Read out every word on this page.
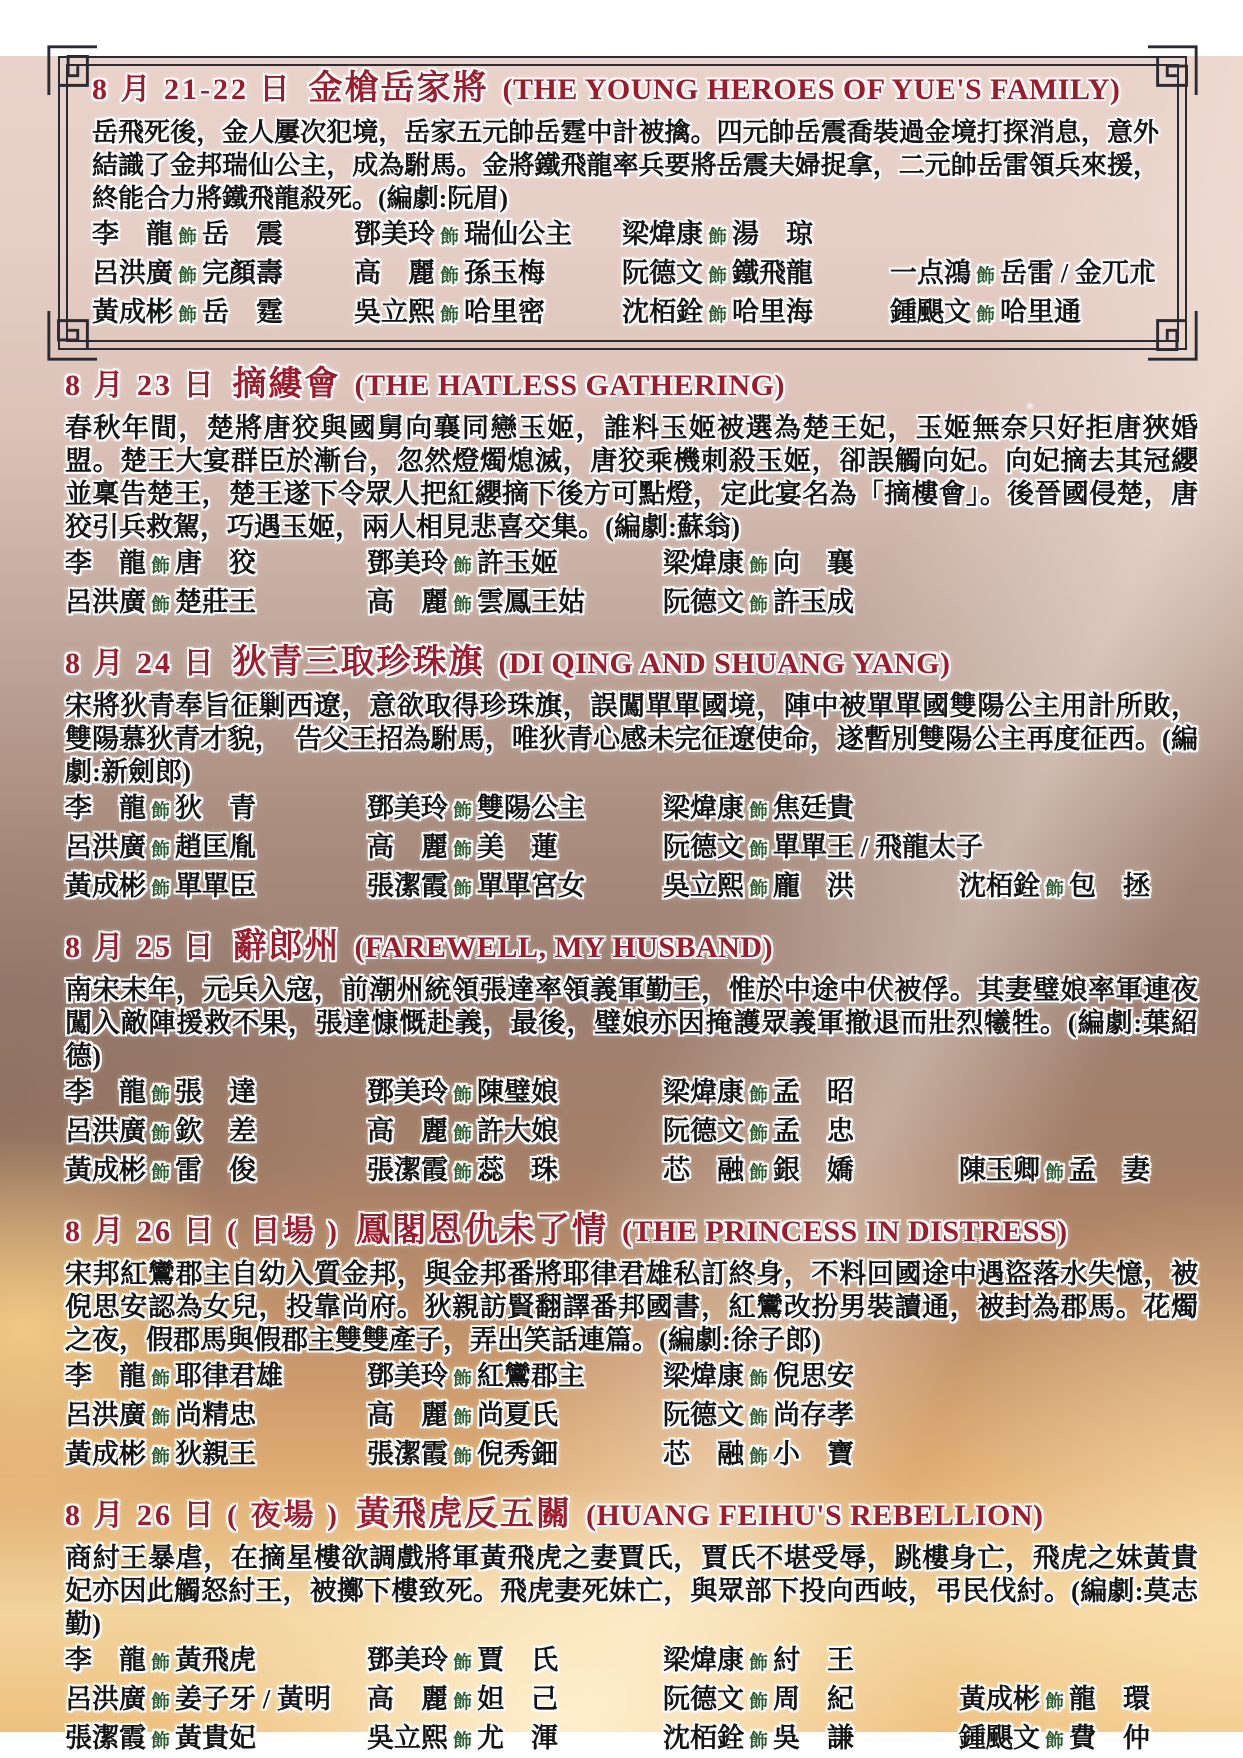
8 月 21-22 日 金槍岳家將 (THE YOUNG HEROES OF YUE'S FAMILY)

岳飛死後，金人屢次犯境，岳家五元帥岳霆中計被擒。四元帥岳震喬裝過金境打探消息，意外結識了金邦瑞仙公主，成為駙馬。金將鐵飛龍率兵要將岳震夫婦捉拿，二元帥岳雷領兵來援，終能合力將鐵飛龍殺死。(編劇:阮眉)

李　龍 飾 岳　震	鄧美玲 飾 瑞仙公主	梁煒康 飾 湯　琼
呂洪廣 飾 完顏壽	高　麗 飾 孫玉梅	阮德文 飾 鐵飛龍	一点鴻 飾 岳雷 / 金兀朮
黃成彬 飾 岳　霆	吳立熙 飾 哈里密	沈栢銓 飾 哈里海	鍾颶文 飾 哈里通
8 月 23 日 摘縷會 (THE HATLESS GATHERING)

春秋年間，楚將唐狡與國舅向襄同戀玉姬，誰料玉姬被選為楚王妃，玉姬無奈只好拒唐狹婚盟。楚王大宴群臣於漸台，忽然燈燭熄滅，唐狡乘機刺殺玉姬，卻誤觸向妃。向妃摘去其冠纓並稟告楚王，楚王遂下令眾人把紅纓摘下後方可點燈，定此宴名為「摘樓會」。後晉國侵楚，唐狡引兵救駕，巧遇玉姬，兩人相見悲喜交集。(編劇:蘇翁)

李　龍 飾 唐　狡	鄧美玲 飾 許玉姬	梁煒康 飾 向　襄
呂洪廣 飾 楚莊王	高　麗 飾 雲鳳王姑	阮德文 飾 許玉成
8 月 24 日 狄青三取珍珠旗 (DI QING AND SHUANG YANG)

宋將狄青奉旨征剿西遼，意欲取得珍珠旗，誤闖單單國境，陣中被單單國雙陽公主用計所敗，雙陽慕狄青才貌，　告父王招為駙馬，唯狄青心感未完征遼使命，遂暫別雙陽公主再度征西。(編劇:新劍郎)

李　龍 飾 狄　青	鄧美玲 飾 雙陽公主	梁煒康 飾 焦廷貴
呂洪廣 飾 趙匡胤	高　麗 飾 美　蓮	阮德文 飾 單單王 / 飛龍太子
黃成彬 飾 單單臣	張潔霞 飾 單單宮女	吳立熙 飾 龐　洪	沈栢銓 飾 包　拯
8 月 25 日 辭郎州 (FAREWELL, MY HUSBAND)

南宋末年，元兵入寇，前潮州統領張達率領義軍勤王，惟於中途中伏被俘。其妻璧娘率軍連夜闖入敵陣援救不果，張達慷慨赴義，最後，璧娘亦因掩護眾義軍撤退而壯烈犧牲。(編劇:葉紹德)

李　龍 飾 張　達	鄧美玲 飾 陳璧娘	梁煒康 飾 孟　昭
呂洪廣 飾 欽　差	高　麗 飾 許大娘	阮德文 飾 孟　忠
黃成彬 飾 雷　俊	張潔霞 飾 蕊　珠	芯　融 飾 銀　嬌	陳玉卿 飾 孟　妻
8 月 26 日 ( 日場 ) 鳳閣恩仇未了情 (THE PRINCESS IN DISTRESS)

宋邦紅鸞郡主自幼入質金邦，與金邦番將耶律君雄私訂終身，不料回國途中遇盜落水失憶，被倪思安認為女兒，投靠尚府。狄親訪賢翻譯番邦國書，紅鸞改扮男裝讀通，被封為郡馬。花燭之夜，假郡馬與假郡主雙雙產子，弄出笑話連篇。(編劇:徐子郎)

李　龍 飾 耶律君雄	鄧美玲 飾 紅鸞郡主	梁煒康 飾 倪思安
呂洪廣 飾 尚精忠	高　麗 飾 尚夏氏	阮德文 飾 尚存孝
黃成彬 飾 狄親王	張潔霞 飾 倪秀鈿	芯　融 飾 小　寶
8 月 26 日 ( 夜場 ) 黃飛虎反五關 (HUANG FEIHU'S REBELLION)

商紂王暴虐，在摘星樓欲調戲將軍黃飛虎之妻賈氏，賈氏不堪受辱，跳樓身亡，飛虎之妹黃貴妃亦因此觸怒紂王，被擲下樓致死。飛虎妻死妹亡，與眾部下投向西岐，弔民伐紂。(編劇:莫志勤)

李　龍 飾 黃飛虎	鄧美玲 飾 賈　氏	梁煒康 飾 紂　王
呂洪廣 飾 姜子牙 / 黃明	高　麗 飾 妲　己	阮德文 飾 周　紀	黃成彬 飾 龍　環
張潔霞 飾 黃貴妃	吳立熙 飾 尤　渾	沈栢銓 飾 吳　謙	鍾颶文 飾 費　仲
